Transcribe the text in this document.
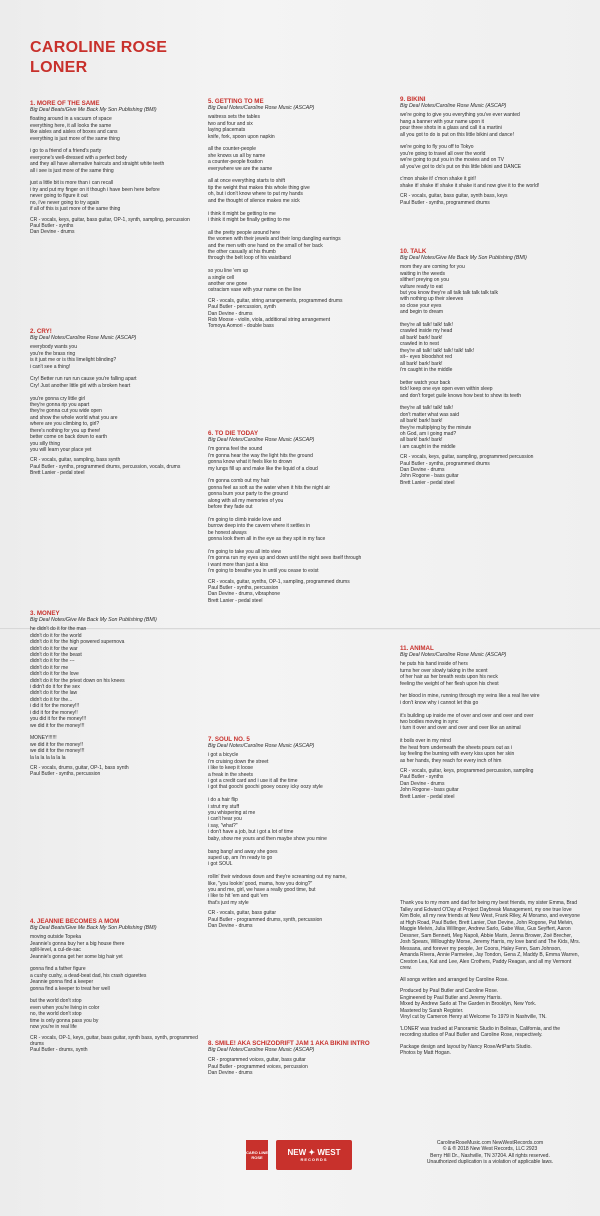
CAROLINE ROSE
LONER
1. MORE OF THE SAME
Big Deal Beats/Give Me Back My Son Publishing (BMI)
floating around in a vacuum of space
everything here, it all looks the same
like aisles and aisles of boxes and cans
everything is just more of the same thing

i go to a friend of a friend's party
everyone's well-dressed with a perfect body
and they all have alternative haircuts and straight white teeth
all i see is just more of the same thing

just a little bit is more than i can recall
i try and put my finger on it though i have been here before
never going to figure it out
no, i've never going to try again
if all of this is just more of the same thing
CR - vocals, keys, guitar, bass guitar, OP-1, synth, sampling, percussion
Paul Butler - synths
Dan Devine - drums
2. CRY!
Big Deal Notes/Caroline Rose Music (ASCAP)
everybody wants you
you're the brass ring
is it just me or is this limelight blinding?
i can't see a thing!

Cry! Better run run run cause you're falling apart
Cry! Just another little girl with a broken heart

you're gonna cry little girl
they're gonna rip you apart
they're gonna cut you wide open
and show the whole world what you are
where are you climbing to, girl?
there's nothing for you up there!
better come on back down to earth
you silly thing
you will learn your place yet
CR - vocals, guitar, sampling, bass synth
Paul Butler - synths, programmed drums, percussion, vocals, drums
Brett Lanier - pedal steel
3. MONEY
Big Deal Notes/Give Me Back My Son Publishing (BMI)
he didn't do it for the man
didn't do it for the world
didn't do it for the high powered supernova
didn't do it for the war
didn't do it for the beast
didn't do it for the ---
didn't do it for me
didn't do it for the love
didn't do it for the priest down on his knees
i didn't do it for the sex
didn't do it for the law
didn't do it for the...
i did it for the money!!!
i did it for the money!!
you did it for the money!!!
we did it for the money!!!

MONEY!!!!!!
we did it for the money!!
we did it for the money!!!
la la la la la la la
CR - vocals, drums, guitar, OP-1, bass synth
Paul Butler - synths, percussion
4. JEANNIE BECOMES A MOM
Big Deal Beats/Give Me Back My Son Publishing (BMI)
moving outside Topeka
Jeannie's gonna buy her a big house there
split-level, a cul-de-sac
Jeannie's gonna get her some big hair yet

gonna find a father figure
a cushy cushy, a dead-beat dad, his crash cigarettes
Jeannie gonna find a keeper
gonna find a keeper to treat her well

but the world don't stop
even when you're living in color
no, the world don't stop
time is only gonna pass you by
now you're in real life
CR - vocals, OP-1, keys, guitar, bass guitar, synth bass, synth, programmed drums
Paul Butler - drums, synth
5. GETTING TO ME
Big Deal Notes/Caroline Rose Music (ASCAP)
waitress sets the tables
two and four and six
laying placemats
knife, fork, spoon upon napkin

all the counter-people
she knows us all by name
a counter-people fixation
everywhere we are the same

all at once everything starts to shift
tip the weight that makes this whole thing give
oh, but i don't know where to put my hands
and the thought of silence makes me sick

i think it might be getting to me
i think it might be finally getting to me

all the pretty people around here
the women with their jewels and their long dangling earrings
and the men with one hand on the small of her back
the other casually at his thumb
through the belt loop of his waistband

so you line 'em up
a single cell
another one gone
ostracism vase with your name on the line
CR - vocals, guitar, string arrangements, programmed drums
Paul Butler - percussion, synth
Dan Devine - drums
Rob Moose - violin, viola, additional string arrangement
Tomoya Aomori - double bass
6. TO DIE TODAY
Big Deal Notes/Caroline Rose Music (ASCAP)
i'm gonna feel the sound
i'm gonna hear the way the light hits the ground
gonna know what it feels like to drown
my lungs fill up and make like the liquid of a cloud

i'm gonna comb out my hair
gonna feel as soft as the water when it hits the night air
gonna burn your party to the ground
along with all my memories of you
before they fade out

i'm going to climb inside love and
burrow deep into the cavern where it settles in
be honest always
gonna look them all in the eye as they spit in my face

i'm going to take you all into view
i'm gonna run my eyes up and down until the night sees itself through
i want more than just a kiss
i'm going to breathe you in until you cease to exist
CR - vocals, guitar, synths, OP-1, sampling, programmed drums
Paul Butler - synths, percussion
Dan Devine - drums, vibraphone
Brett Lanier - pedal steel
7. SOUL NO. 5
Big Deal Notes/Caroline Rose Music (ASCAP)
i got a bicycle
i'm cruising down the street
i like to keep it loose
a freak in the sheets
i got a credit card and i use it all the time
i got that goochi goochi gooey oozey icky oozy style

i do a hair flip
i strut my stuff
you whispering at me
i can't hear you
i say, "what?"
i don't have a job, but i got a lot of time
baby, show me yours and then maybe show you mine

bang bang! and away she goes
suped up, am i'm ready to go
i got SOUL

rollin' their windows down and they're screaming out my name,
like, "you lookin' good, mama, how you doing?"
you and me, girl, we have a really good time, but
i like to hit 'em and quit 'em
that's just my style
CR - vocals, guitar, bass guitar
Paul Butler - programmed drums, synth, percussion
Dan Devine - drums
8. SMILE! AKA SCHIZODRIFT JAM 1 AKA BIKINI INTRO
Big Deal Notes/Caroline Rose Music (ASCAP)
CR - programmed voices, guitar, bass guitar
Paul Butler - programmed voices, percussion
Dan Devine - drums
9. BIKINI
Big Deal Notes/Caroline Rose Music (ASCAP)
we're going to give you everything you've ever wanted
hang a banner with your name upon it
pour three shots in a glass and call it a martini
all you got to do is put on this little bikini and dance!

we're going to fly you off to Tokyo
you're going to travel all over the world
we're going to put you in the movies and on TV
all you've got to do's put on this little bikini and DANCE

c'mon shake it! c'mon shake it girl!
shake it! shake it! shake it shake it and now give it to the world!
CR - vocals, guitar, bass guitar, synth bass, keys
Paul Butler - synths, programmed drums
10. TALK
Big Deal Notes/Give Me Back My Son Publishing (BMI)
mom they are coming for you
waiting in the weeds
slither! preying on you
vulture ready to eat
but you know they're all talk talk talk talk talk
with nothing up their sleeves
so close your eyes
and begin to dream

they're all talk! talk! talk!
crawled inside my head
all bark! bark! bark!
crawled in to nest
they're all talk! talk! talk! talk! talk!
sit-- eyes bloodshot red
all bark! bark! bark!
i'm caught in the middle

better watch your back
tick! keep one eye open even within sleep
and don't forget guile knows how best to show its teeth

they're all talk! talk! talk!
don't matter what was said
all bark! bark! bark!
they're multiplying by the minute
oh God, am i going mad?
all bark! bark! bark!
i am caught in the middle
CR - vocals, keys, guitar, sampling, programmed percussion
Paul Butler - synths, programmed drums
Dan Devine - drums
John Rogone - bass guitar
Brett Lanier - pedal steel
11. ANIMAL
Big Deal Notes/Caroline Rose Music (ASCAP)
he puts his hand inside of hers
turns her over slowly taking in the scent
of her hair as her breath rests upon his neck
feeling the weight of her flesh upon his chest

her blood in mine, running through my veins like a real live wire
i don't know why i cannot let this go

it's building up inside me of over and over and over and over
two bodies moving in sync
i turn it over and over and over and over like an animal

it boils over in my mind
the heat from underneath the sheets pours out as i
lay feeling the burning with every kiss upon her skin
as her hands, they reach for every inch of him
CR - vocals, guitar, keys, programmed percussion, sampling
Paul Butler - synths
Dan Devine - drums
John Rogone - bass guitar
Brett Lanier - pedal steel

Thank you to my mom and dad for being my best friends, my sister Emma, Brad Talley and Edward O'Day at Project Daybreak Management, my one true love Kim Bole, all my new friends at New West, Frank Riley, Al Moramo, and everyone at High Road, Paul Butler, Brett Lanier, Dan Devine, John Rogone, Pat Melvin, Maggie Melvin, Julia Willinger, Andrew Sarlo, Gabe Wax, Gus Seyffert, Aaron Dessner, Sam Bennett, Meg Napoli, Abbie Marin, Jenna Brower, Zoë Brecher, Josh Spears, Willoughby Morse, Jeremy Harris, my love band and The Kids, Mrs. Messana, and forever my people, Jer Coons, Haley Fenn, Sam Johnson, Amanda Rivera, Annie Parmelee, Jay Tondon, Gena Z, Maddy B, Emma Warren, Creston Lea, Kat and Lee, Alex Crothers, Paddy Reagan, and all my Vermont crew.

All songs written and arranged by Caroline Rose.

Produced by Paul Butler and Caroline Rose.
Engineered by Paul Butler and Jeremy Harris.
Mixed by Andrew Sarlo at The Garden in Brooklyn, New York.
Mastered by Sarah Register.
Vinyl cut by Cameron Henry at Welcome To 1979 in Nashville, TN.

'LONER' was tracked at Panoramic Studio in Bolinas, California, and the recording studios of Paul Butler and Caroline Rose, respectively.

Package design and layout by Nancy Rose/ArtParts Studio.
Photos by Matt Hogan.

CARO LINE ROSE
NEW ✦ WEST
RECORDS
CarolineRoseMusic.com NewWestRecords.com
© & ® 2018 New West Records, LLC 2923
Berry Hill Dr., Nashville, TN 37204. All rights reserved.
Unauthorized duplication is a violation of applicable laws.
